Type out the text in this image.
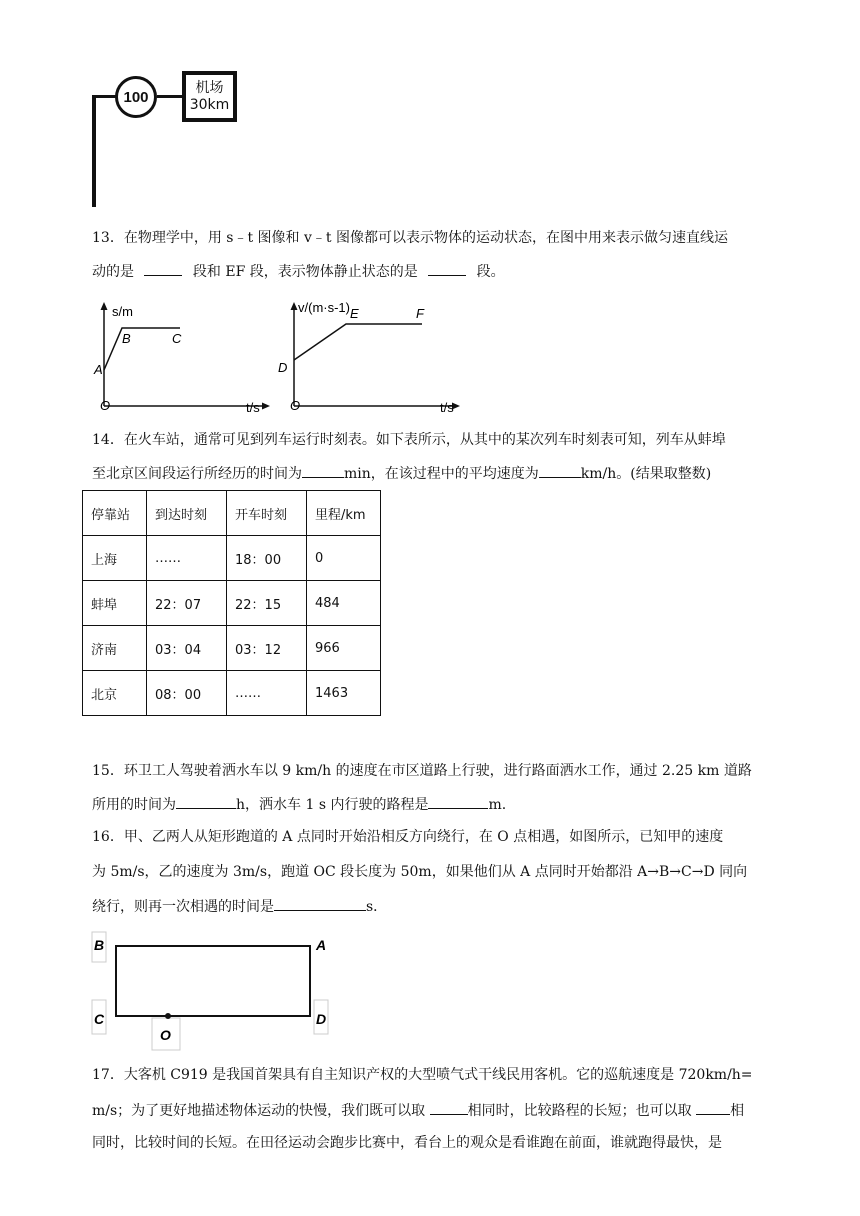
100
机场
30km
13．在物理学中，用 s﹣t 图像和 v﹣t 图像都可以表示物体的运动状态，在图中用来表示做匀速直线运
动的是	段和 EF 段，表示物体静止状态的是	段。
s/m
A
B	C
O	t/s
v/(m·s-1)
D
E	F
O	t/s
14．在火车站，通常可见到列车运行时刻表。如下表所示，从其中的某次列车时刻表可知，列车从蚌埠
至北京区间段运行所经历的时间为	min，在该过程中的平均速度为	km/h。(结果取整数)
停靠站	到达时刻	开车时刻	里程/km
上海	……	18：00	0
蚌埠	22：07	22：15	484
济南	03：04	03：12	966
北京	08：00	……	1463
15．环卫工人驾驶着洒水车以 9 km/h 的速度在市区道路上行驶，进行路面洒水工作，通过 2.25 km 道路
所用的时间为	h，洒水车 1 s 内行驶的路程是	m.
16．甲、乙两人从矩形跑道的 A 点同时开始沿相反方向绕行，在 O 点相遇，如图所示，已知甲的速度
为 5m/s，乙的速度为 3m/s，跑道 OC 段长度为 50m，如果他们从 A 点同时开始都沿 A→B→C→D 同向
绕行，则再一次相遇的时间是	s．
B	A
C
O
D
17．大客机 C919 是我国首架具有自主知识产权的大型喷气式干线民用客机。它的巡航速度是 720km/h=
m/s；为了更好地描述物体运动的快慢，我们既可以取	相同时，比较路程的长短；也可以取	相
同时，比较时间的长短。在田径运动会跑步比赛中，看台上的观众是看谁跑在前面，谁就跑得最快，是
